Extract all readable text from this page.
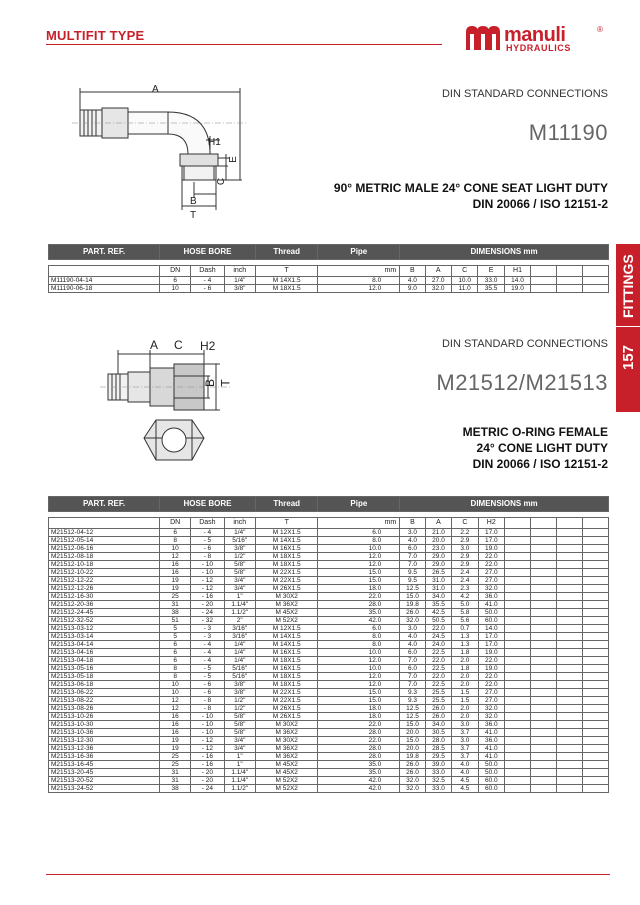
MULTIFIT TYPE	manuli	®
HYDRAULICS
FITTINGS
157
A
H1
E
C
B
T
DIN STANDARD CONNECTIONS
M11190
90° METRIC MALE 24° CONE SEAT LIGHT DUTY
DIN 20066 / ISO 12151-2
PART. REF.	HOSE BORE			Thread	Pipe	DIMENSIONS mm							

	DN	Dash	inch	T	mm	B	A	C	E	H1			
M11190-04-14	6	- 4	1/4"	M 14X1.5	8.0	4.0	27.0	10.0	33.0	14.0			
M11190-06-18	10	- 6	3/8"	M 18X1.5	12.0	9.0	32.0	11.0	35.5	19.0			
A C H2
B T
DIN STANDARD CONNECTIONS
M21512/M21513
METRIC O-RING FEMALE
24° CONE LIGHT DUTY
DIN 20066 / ISO 12151-2
PART. REF.	HOSE BORE			Thread	Pipe	DIMENSIONS mm							

	DN	Dash	inch	T	mm	B	A	C	H2				
M21512-04-12	6	- 4	1/4"	M 12X1.5	6.0	3.0	21.0	2.2	17.0				
M21512-05-14	8	- 5	5/16"	M 14X1.5	8.0	4.0	20.0	2.9	17.0				
M21512-06-16	10	- 6	3/8"	M 16X1.5	10.0	6.0	23.0	3.0	19.0				
M21512-08-18	12	- 8	1/2"	M 18X1.5	12.0	7.0	29.0	2.9	22.0				
M21512-10-18	16	- 10	5/8"	M 18X1.5	12.0	7.0	29.0	2.9	22.0				
M21512-10-22	16	- 10	5/8"	M 22X1.5	15.0	9.5	26.5	2.4	27.0				
M21512-12-22	19	- 12	3/4"	M 22X1.5	15.0	9.5	31.0	2.4	27.0				
M21512-12-26	19	- 12	3/4"	M 26X1.5	18.0	12.5	31.0	2.3	32.0				
M21512-16-30	25	- 16	1"	M 30X2	22.0	15.0	34.0	4.2	36.0				
M21512-20-36	31	- 20	1.1/4"	M 36X2	28.0	19.8	35.5	5.0	41.0				
M21512-24-45	38	- 24	1.1/2"	M 45X2	35.0	26.0	42.5	5.8	50.0				
M21512-32-52	51	- 32	2"	M 52X2	42.0	32.0	50.5	5.6	60.0				
M21513-03-12	5	- 3	3/16"	M 12X1.5	6.0	3.0	22.0	0.7	14.0				
M21513-03-14	5	- 3	3/16"	M 14X1.5	8.0	4.0	24.5	1.3	17.0				
M21513-04-14	6	- 4	1/4"	M 14X1.5	8.0	4.0	24.0	1.3	17.0				
M21513-04-16	6	- 4	1/4"	M 16X1.5	10.0	6.0	22.5	1.8	19.0				
M21513-04-18	6	- 4	1/4"	M 18X1.5	12.0	7.0	22.0	2.0	22.0				
M21513-05-16	8	- 5	5/16"	M 16X1.5	10.0	6.0	22.5	1.8	19.0				
M21513-05-18	8	- 5	5/16"	M 18X1.5	12.0	7.0	22.0	2.0	22.0				
M21513-06-18	10	- 6	3/8"	M 18X1.5	12.0	7.0	22.5	2.0	22.0				
M21513-06-22	10	- 6	3/8"	M 22X1.5	15.0	9.3	25.5	1.5	27.0				
M21513-08-22	12	- 8	1/2"	M 22X1.5	15.0	9.3	25.5	1.5	27.0				
M21513-08-26	12	- 8	1/2"	M 26X1.5	18.0	12.5	26.0	2.0	32.0				
M21513-10-26	16	- 10	5/8"	M 26X1.5	18.0	12.5	26.0	2.0	32.0				
M21513-10-30	16	- 10	5/8"	M 30X2	22.0	15.0	34.0	3.0	36.0				
M21513-10-36	16	- 10	5/8"	M 36X2	28.0	20.0	30.5	3.7	41.0				
M21513-12-30	19	- 12	3/4"	M 30X2	22.0	15.0	28.0	3.0	36.0				
M21513-12-36	19	- 12	3/4"	M 36X2	28.0	20.0	28.5	3.7	41.0				
M21513-16-36	25	- 16	1"	M 36X2	28.0	19.8	29.5	3.7	41.0				
M21513-16-45	25	- 16	1"	M 45X2	35.0	26.0	39.0	4.0	50.0				
M21513-20-45	31	- 20	1.1/4"	M 45X2	35.0	26.0	33.0	4.0	50.0				
M21513-20-52	31	- 20	1.1/4"	M 52X2	42.0	32.0	32.5	4.5	60.0				
M21513-24-52	38	- 24	1.1/2"	M 52X2	42.0	32.0	33.0	4.5	60.0				
